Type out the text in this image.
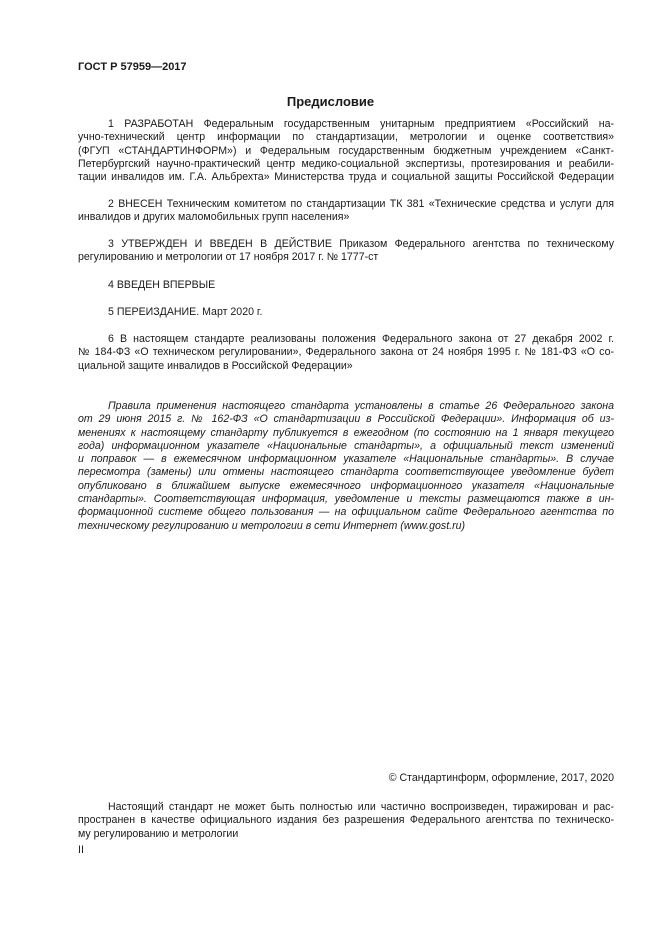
ГОСТ Р 57959—2017
Предисловие
1 РАЗРАБОТАН Федеральным государственным унитарным предприятием «Российский на-
учно-технический центр информации по стандартизации, метрологии и оценке соответствия»
(ФГУП «СТАНДАРТИНФОРМ») и Федеральным государственным бюджетным учреждением «Санкт-
Петербургский научно-практический центр медико-социальной экспертизы, протезирования и реабили-
тации инвалидов им. Г.А. Альбрехта» Министерства труда и социальной защиты Российской Федерации
2 ВНЕСЕН Техническим комитетом по стандартизации ТК 381 «Технические средства и услуги для
инвалидов и других маломобильных групп населения»
3 УТВЕРЖДЕН И ВВЕДЕН В ДЕЙСТВИЕ Приказом Федерального агентства по техническому
регулированию и метрологии от 17 ноября 2017 г. № 1777-ст
4 ВВЕДЕН ВПЕРВЫЕ
5 ПЕРЕИЗДАНИЕ. Март 2020 г.
6 В настоящем стандарте реализованы положения Федерального закона от 27 декабря 2002 г.
№ 184-ФЗ «О техническом регулировании», Федерального закона от 24 ноября 1995 г. № 181-ФЗ «О со-
циальной защите инвалидов в Российской Федерации»
Правила применения настоящего стандарта установлены в статье 26 Федерального закона
от 29 июня 2015 г. № 162-ФЗ «О стандартизации в Российской Федерации». Информация об из-
менениях к настоящему стандарту публикуется в ежегодном (по состоянию на 1 января текущего
года) информационном указателе «Национальные стандарты», а официальный текст изменений
и поправок — в ежемесячном информационном указателе «Национальные стандарты». В случае
пересмотра (замены) или отмены настоящего стандарта соответствующее уведомление будет
опубликовано в ближайшем выпуске ежемесячного информационного указателя «Национальные
стандарты». Соответствующая информация, уведомление и тексты размещаются также в ин-
формационной системе общего пользования — на официальном сайте Федерального агентства по
техническому регулированию и метрологии в сети Интернет (www.gost.ru)
© Стандартинформ, оформление, 2017, 2020
Настоящий стандарт не может быть полностью или частично воспроизведен, тиражирован и рас-
пространен в качестве официального издания без разрешения Федерального агентства по техническо-
му регулированию и метрологии
II
